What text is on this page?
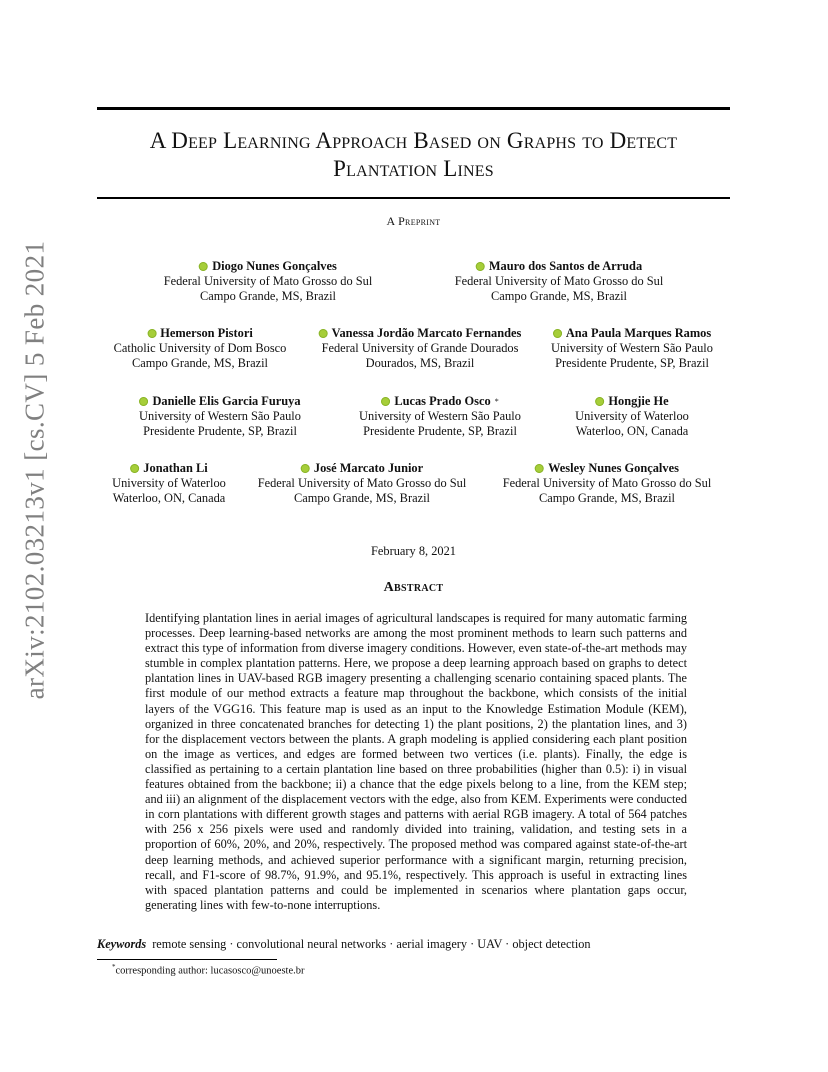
arXiv:2102.03213v1 [cs.CV] 5 Feb 2021
A Deep Learning Approach Based on Graphs to Detect
Plantation Lines
A Preprint
Diogo Nunes Gonçalves
Federal University of Mato Grosso do Sul
Campo Grande, MS, Brazil
Mauro dos Santos de Arruda
Federal University of Mato Grosso do Sul
Campo Grande, MS, Brazil
Hemerson Pistori
Catholic University of Dom Bosco
Campo Grande, MS, Brazil
Vanessa Jordão Marcato Fernandes
Federal University of Grande Dourados
Dourados, MS, Brazil
Ana Paula Marques Ramos
University of Western São Paulo
Presidente Prudente, SP, Brazil
Danielle Elis Garcia Furuya
University of Western São Paulo
Presidente Prudente, SP, Brazil
Lucas Prado Osco *
University of Western São Paulo
Presidente Prudente, SP, Brazil
Hongjie He
University of Waterloo
Waterloo, ON, Canada
Jonathan Li
University of Waterloo
Waterloo, ON, Canada
José Marcato Junior
Federal University of Mato Grosso do Sul
Campo Grande, MS, Brazil
Wesley Nunes Gonçalves
Federal University of Mato Grosso do Sul
Campo Grande, MS, Brazil
February 8, 2021
Abstract
Identifying plantation lines in aerial images of agricultural landscapes is required for many automatic farming processes. Deep learning-based networks are among the most prominent methods to learn such patterns and extract this type of information from diverse imagery conditions. However, even state-of-the-art methods may stumble in complex plantation patterns. Here, we propose a deep learning approach based on graphs to detect plantation lines in UAV-based RGB imagery presenting a challenging scenario containing spaced plants. The first module of our method extracts a feature map throughout the backbone, which consists of the initial layers of the VGG16. This feature map is used as an input to the Knowledge Estimation Module (KEM), organized in three concatenated branches for detecting 1) the plant positions, 2) the plantation lines, and 3) for the displacement vectors between the plants. A graph modeling is applied considering each plant position on the image as vertices, and edges are formed between two vertices (i.e. plants). Finally, the edge is classified as pertaining to a certain plantation line based on three probabilities (higher than 0.5): i) in visual features obtained from the backbone; ii) a chance that the edge pixels belong to a line, from the KEM step; and iii) an alignment of the displacement vectors with the edge, also from KEM. Experiments were conducted in corn plantations with different growth stages and patterns with aerial RGB imagery. A total of 564 patches with 256 x 256 pixels were used and randomly divided into training, validation, and testing sets in a proportion of 60%, 20%, and 20%, respectively. The proposed method was compared against state-of-the-art deep learning methods, and achieved superior performance with a significant margin, returning precision, recall, and F1-score of 98.7%, 91.9%, and 95.1%, respectively. This approach is useful in extracting lines with spaced plantation patterns and could be implemented in scenarios where plantation gaps occur, generating lines with few-to-none interruptions.
Keywords remote sensing · convolutional neural networks · aerial imagery · UAV · object detection
*corresponding author: lucasosco@unoeste.br
